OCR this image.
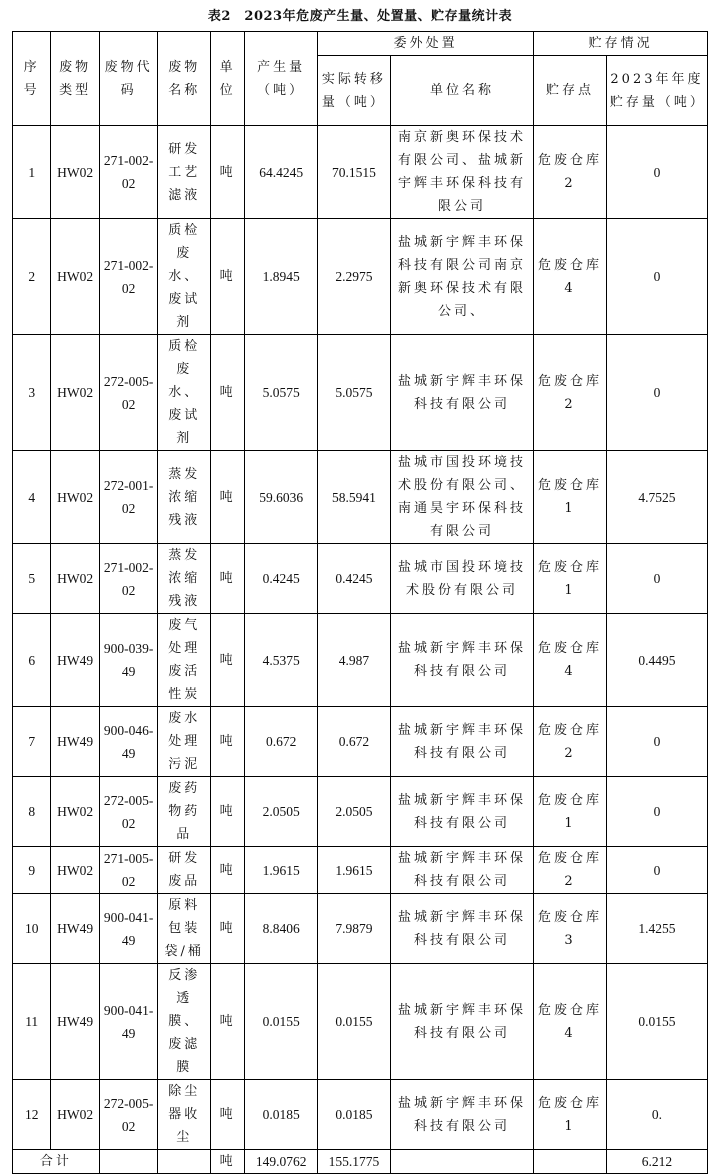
表2　2023年危废产生量、处置量、贮存量统计表
序号	废物类型	废物代码	废物名称	单位	产生量（吨）	委外处置		贮存情况	
						实际转移量（吨）	单位名称	贮存点	2023年年度贮存量（吨）
1	HW02	271-002-02	研发工艺滤液	吨	64.4245	70.1515	南京新奥环保技术有限公司、盐城新宇辉丰环保科技有限公司	危废仓库2	0
2	HW02	271-002-02	质检废水、废试剂	吨	1.8945	2.2975	盐城新宇辉丰环保科技有限公司南京新奥环保技术有限公司、	危废仓库4	0
3	HW02	272-005-02	质检废水、废试剂	吨	5.0575	5.0575	盐城新宇辉丰环保科技有限公司	危废仓库2	0
4	HW02	272-001-02	蒸发浓缩残液	吨	59.6036	58.5941	盐城市国投环境技术股份有限公司、南通昊宇环保科技有限公司	危废仓库1	4.7525
5	HW02	271-002-02	蒸发浓缩残液	吨	0.4245	0.4245	盐城市国投环境技术股份有限公司	危废仓库1	0
6	HW49	900-039-49	废气处理废活性炭	吨	4.5375	4.987	盐城新宇辉丰环保科技有限公司	危废仓库4	0.4495
7	HW49	900-046-49	废水处理污泥	吨	0.672	0.672	盐城新宇辉丰环保科技有限公司	危废仓库2	0
8	HW02	272-005-02	废药物药品	吨	2.0505	2.0505	盐城新宇辉丰环保科技有限公司	危废仓库1	0
9	HW02	271-005-02	研发废品	吨	1.9615	1.9615	盐城新宇辉丰环保科技有限公司	危废仓库2	0
10	HW49	900-041-49	原料包装袋/桶	吨	8.8406	7.9879	盐城新宇辉丰环保科技有限公司	危废仓库3	1.4255
11	HW49	900-041-49	反渗透膜、废滤膜	吨	0.0155	0.0155	盐城新宇辉丰环保科技有限公司	危废仓库4	0.0155
12	HW02	272-005-02	除尘器收尘	吨	0.0185	0.0185	盐城新宇辉丰环保科技有限公司	危废仓库1	0.
合计				吨	149.0762	155.1775			6.212
